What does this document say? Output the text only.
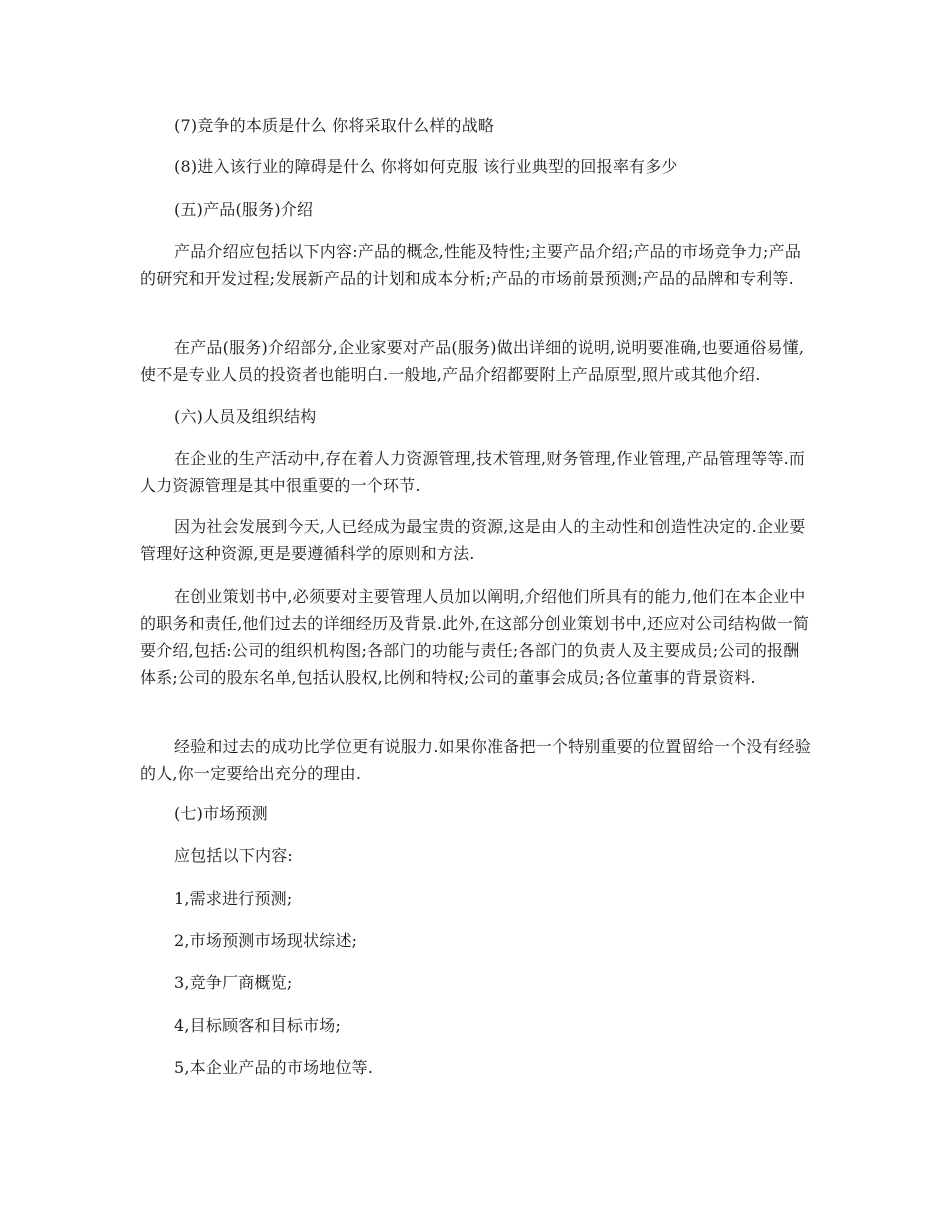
(7)竞争的本质是什么 你将采取什么样的战略

(8)进入该行业的障碍是什么 你将如何克服 该行业典型的回报率有多少

(五)产品(服务)介绍

产品介绍应包括以下内容:产品的概念,性能及特性;主要产品介绍;产品的市场竞争力;产品的研究和开发过程;发展新产品的计划和成本分析;产品的市场前景预测;产品的品牌和专利等.

在产品(服务)介绍部分,企业家要对产品(服务)做出详细的说明,说明要准确,也要通俗易懂,使不是专业人员的投资者也能明白.一般地,产品介绍都要附上产品原型,照片或其他介绍.

(六)人员及组织结构

在企业的生产活动中,存在着人力资源管理,技术管理,财务管理,作业管理,产品管理等等.而人力资源管理是其中很重要的一个环节.

因为社会发展到今天,人已经成为最宝贵的资源,这是由人的主动性和创造性决定的.企业要管理好这种资源,更是要遵循科学的原则和方法.

在创业策划书中,必须要对主要管理人员加以阐明,介绍他们所具有的能力,他们在本企业中的职务和责任,他们过去的详细经历及背景.此外,在这部分创业策划书中,还应对公司结构做一简要介绍,包括:公司的组织机构图;各部门的功能与责任;各部门的负责人及主要成员;公司的报酬体系;公司的股东名单,包括认股权,比例和特权;公司的董事会成员;各位董事的背景资料.

经验和过去的成功比学位更有说服力.如果你准备把一个特别重要的位置留给一个没有经验的人,你一定要给出充分的理由.

(七)市场预测

应包括以下内容:

1,需求进行预测;

2,市场预测市场现状综述;

3,竞争厂商概览;

4,目标顾客和目标市场;

5,本企业产品的市场地位等.
